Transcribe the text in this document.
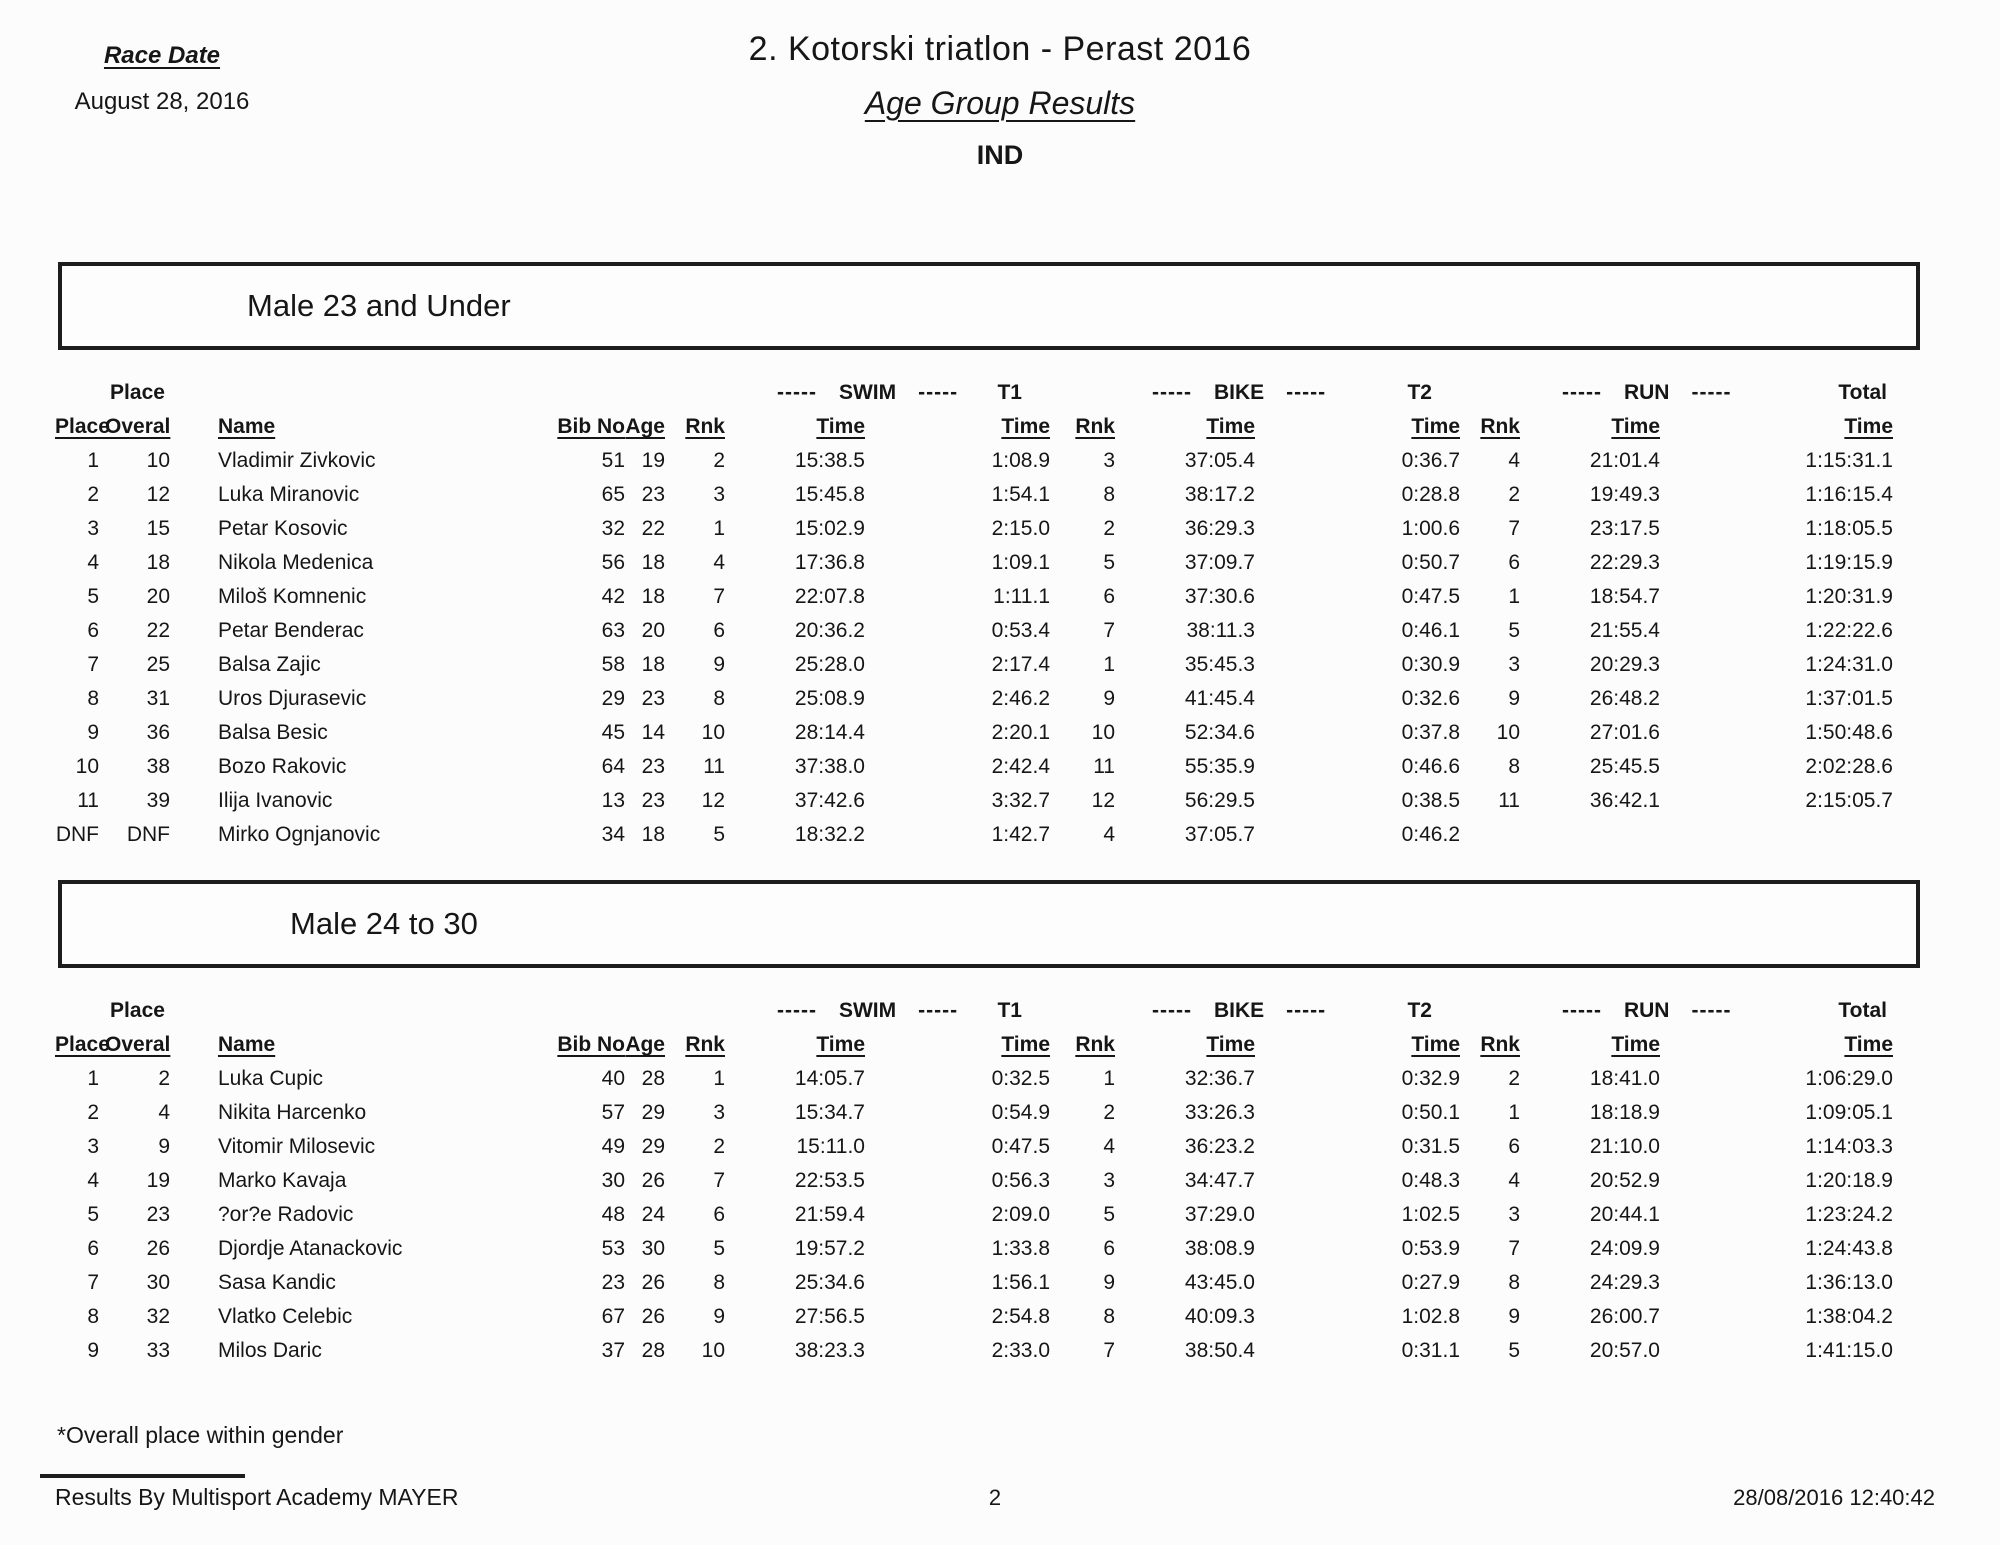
Race Date
August 28, 2016
2. Kotorski triatlon - Perast 2016
Age Group Results
IND
Male 23 and Under
	Place				----- SWIM -----		T1	----- BIKE -----		T2	----- RUN -----		Total
Place	Overal	Name	Bib No	Age	Rnk	Time	Time	Rnk	Time	Time	Rnk	Time	Time
1	10	Vladimir Zivkovic	51	19	2	15:38.5	1:08.9	3	37:05.4	0:36.7	4	21:01.4	1:15:31.1
2	12	Luka Miranovic	65	23	3	15:45.8	1:54.1	8	38:17.2	0:28.8	2	19:49.3	1:16:15.4
3	15	Petar Kosovic	32	22	1	15:02.9	2:15.0	2	36:29.3	1:00.6	7	23:17.5	1:18:05.5
4	18	Nikola Medenica	56	18	4	17:36.8	1:09.1	5	37:09.7	0:50.7	6	22:29.3	1:19:15.9
5	20	Miloš Komnenic	42	18	7	22:07.8	1:11.1	6	37:30.6	0:47.5	1	18:54.7	1:20:31.9
6	22	Petar Benderac	63	20	6	20:36.2	0:53.4	7	38:11.3	0:46.1	5	21:55.4	1:22:22.6
7	25	Balsa Zajic	58	18	9	25:28.0	2:17.4	1	35:45.3	0:30.9	3	20:29.3	1:24:31.0
8	31	Uros Djurasevic	29	23	8	25:08.9	2:46.2	9	41:45.4	0:32.6	9	26:48.2	1:37:01.5
9	36	Balsa Besic	45	14	10	28:14.4	2:20.1	10	52:34.6	0:37.8	10	27:01.6	1:50:48.6
10	38	Bozo Rakovic	64	23	11	37:38.0	2:42.4	11	55:35.9	0:46.6	8	25:45.5	2:02:28.6
11	39	Ilija Ivanovic	13	23	12	37:42.6	3:32.7	12	56:29.5	0:38.5	11	36:42.1	2:15:05.7
DNF	DNF	Mirko Ognjanovic	34	18	5	18:32.2	1:42.7	4	37:05.7	0:46.2			
Male 24 to 30
	Place				----- SWIM -----		T1	----- BIKE -----		T2	----- RUN -----		Total
Place	Overal	Name	Bib No	Age	Rnk	Time	Time	Rnk	Time	Time	Rnk	Time	Time
1	2	Luka Cupic	40	28	1	14:05.7	0:32.5	1	32:36.7	0:32.9	2	18:41.0	1:06:29.0
2	4	Nikita Harcenko	57	29	3	15:34.7	0:54.9	2	33:26.3	0:50.1	1	18:18.9	1:09:05.1
3	9	Vitomir Milosevic	49	29	2	15:11.0	0:47.5	4	36:23.2	0:31.5	6	21:10.0	1:14:03.3
4	19	Marko Kavaja	30	26	7	22:53.5	0:56.3	3	34:47.7	0:48.3	4	20:52.9	1:20:18.9
5	23	?or?e Radovic	48	24	6	21:59.4	2:09.0	5	37:29.0	1:02.5	3	20:44.1	1:23:24.2
6	26	Djordje Atanackovic	53	30	5	19:57.2	1:33.8	6	38:08.9	0:53.9	7	24:09.9	1:24:43.8
7	30	Sasa Kandic	23	26	8	25:34.6	1:56.1	9	43:45.0	0:27.9	8	24:29.3	1:36:13.0
8	32	Vlatko Celebic	67	26	9	27:56.5	2:54.8	8	40:09.3	1:02.8	9	26:00.7	1:38:04.2
9	33	Milos Daric	37	28	10	38:23.3	2:33.0	7	38:50.4	0:31.1	5	20:57.0	1:41:15.0
*Overall place within gender
Results By Multisport Academy MAYER	2	28/08/2016 12:40:42
